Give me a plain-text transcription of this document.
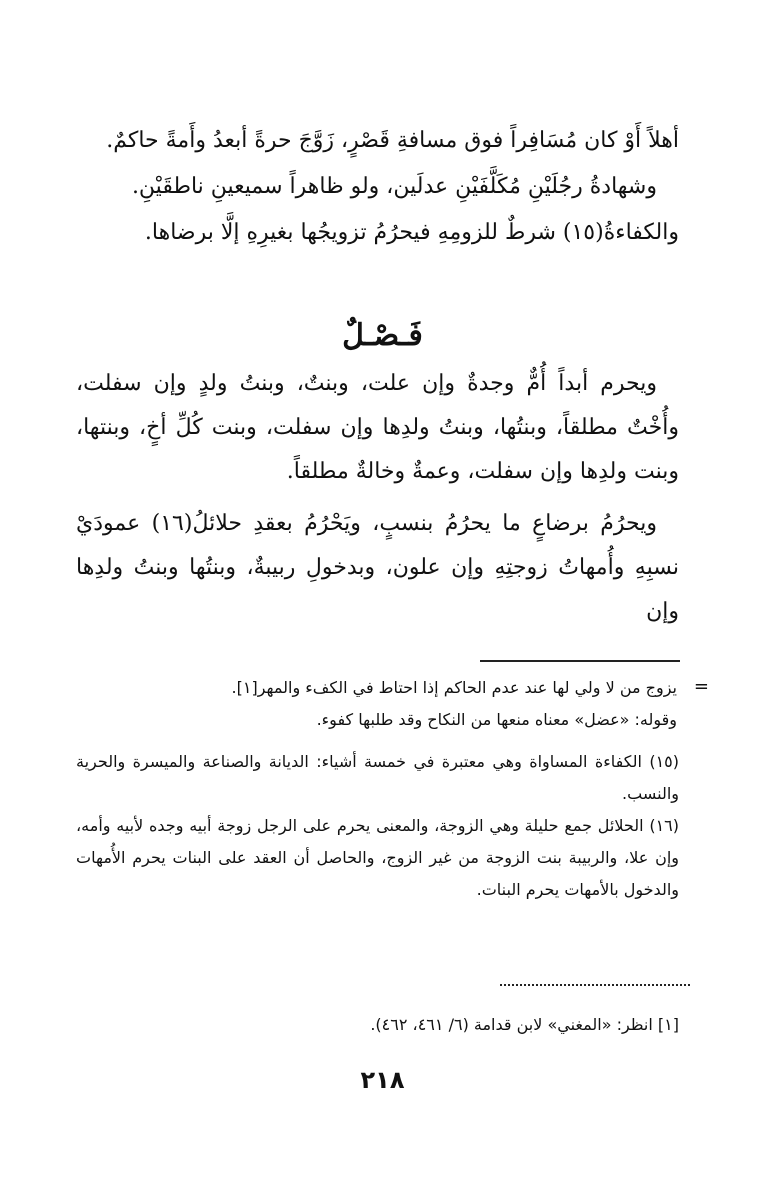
أهلاً أَوْ كان مُسَافِراً فوق مسافةِ قَصْرٍ، زَوَّجَ حرةً أبعدُ وأَمةً حاكمٌ.

وشهادةُ رجُلَيْنِ مُكَلَّفَيْنِ عدلَين، ولو ظاهراً سميعينِ ناطقَيْنِ.

والكفاءةُ(١٥) شرطٌ للزومِهِ فيحرُمُ تزويجُها بغيرِهِ إلَّا برضاها.

فَـصْـلٌ

ويحرم أبداً أُمٌّ وجدةٌ وإن علت، وبنتٌ، وبنتُ ولدٍ وإن سفلت، وأُخْتٌ مطلقاً، وبنتُها، وبنتُ ولدِها وإن سفلت، وبنت كُلِّ أخٍ، وبنتها، وبنت ولدِها وإن سفلت، وعمةٌ وخالةٌ مطلقاً.

ويحرُمُ برضاعٍ ما يحرُمُ بنسبٍ، ويَحْرُمُ بعقدِ حلائلُ(١٦) عمودَيْ نسبِهِ وأُمهاتُ زوجتِهِ وإن علون، وبدخولِ ربيبةٌ، وبنتُها وبنتُ ولدِها وإن

=

يزوج من لا ولي لها عند عدم الحاكم إذا احتاط في الكفء والمهر[١].

وقوله: «عضل» معناه منعها من النكاح وقد طلبها كفوء.

(١٥) الكفاءة المساواة وهي معتبرة في خمسة أشياء: الديانة والصناعة والميسرة والحرية والنسب.

(١٦) الحلائل جمع حليلة وهي الزوجة، والمعنى يحرم على الرجل زوجة أبيه وجده لأبيه وأمه، وإن علا، والربيبة بنت الزوجة من غير الزوج، والحاصل أن العقد على البنات يحرم الأُمهات والدخول بالأمهات يحرم البنات.

[١] انظر: «المغني» لابن قدامة (٦/ ٤٦١، ٤٦٢).
٢١٨
